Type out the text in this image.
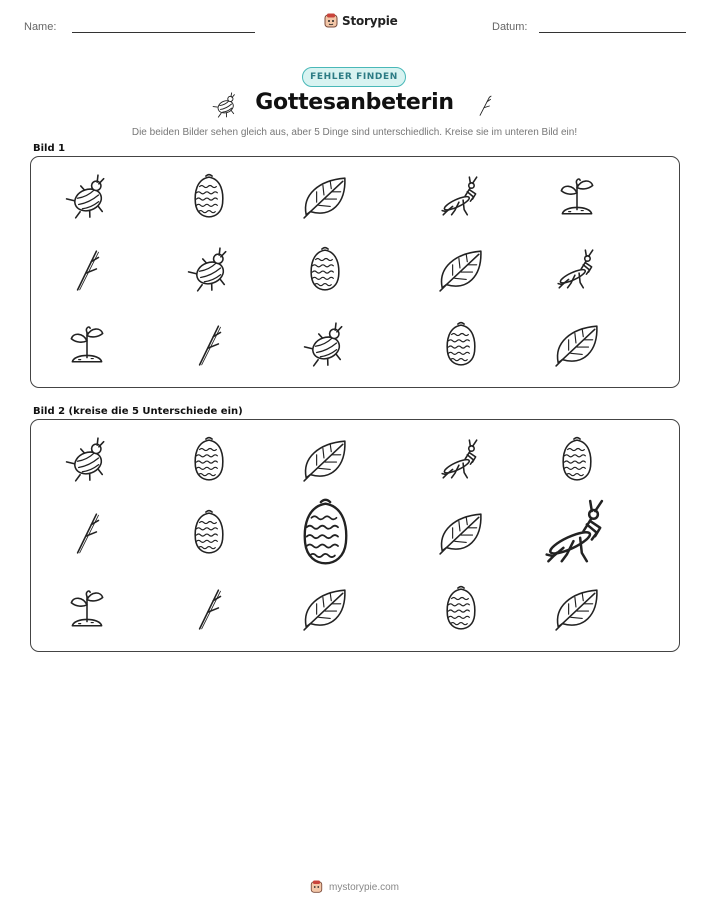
Name:	Storypie	Datum:
FEHLER FINDEN
Gottesanbeterin
Die beiden Bilder sehen gleich aus, aber 5 Dinge sind unterschiedlich. Kreise sie im unteren Bild ein!
Bild 1
Bild 2 (kreise die 5 Unterschiede ein)
mystorypie.com
